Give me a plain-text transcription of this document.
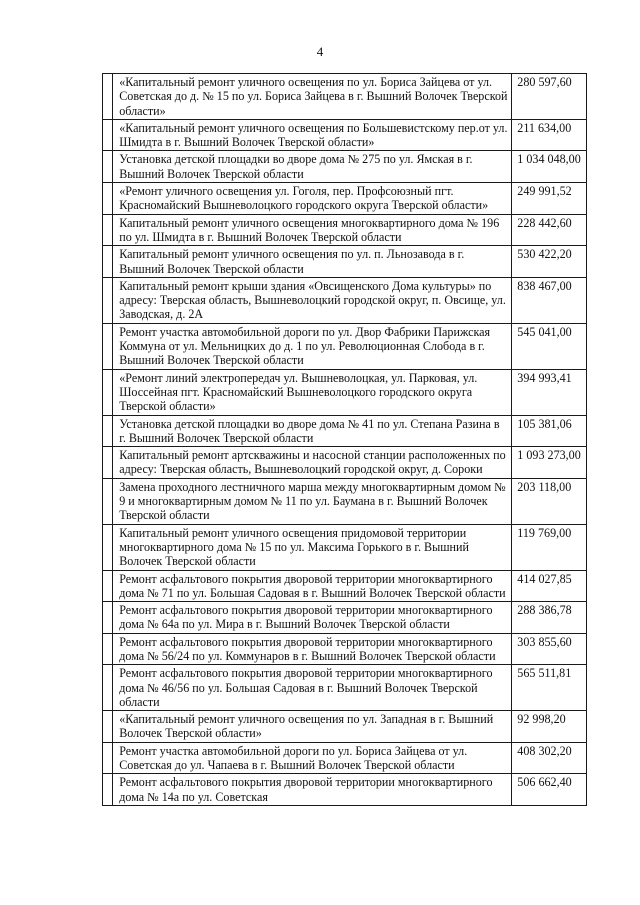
4
	«Капитальный ремонт уличного освещения по ул. Бориса Зайцева от ул. Советская до д. № 15 по ул. Бориса Зайцева в г. Вышний Волочек Тверской области»	280 597,60
	«Капитальный ремонт уличного освещения по Большевистскому пер.от ул. Шмидта в г. Вышний Волочек Тверской области»	211 634,00
	Установка детской площадки во дворе дома № 275 по ул. Ямская в г. Вышний Волочек Тверской области	1 034 048,00
	«Ремонт уличного освещения ул. Гоголя, пер. Профсоюзный пгт. Красномайский Вышневолоцкого городского округа Тверской области»	249 991,52
	Капитальный ремонт уличного освещения многоквартирного дома № 196 по ул. Шмидта в г. Вышний Волочек Тверской области	228 442,60
	Капитальный ремонт уличного освещения по ул. п. Льнозавода в г. Вышний Волочек Тверской области	530 422,20
	Капитальный ремонт крыши здания «Овсищенского Дома культуры» по адресу: Тверская область, Вышневолоцкий городской округ, п. Овсище, ул. Заводская, д. 2А	838 467,00
	Ремонт участка автомобильной дороги по ул. Двор Фабрики Парижская Коммуна от ул. Мельницких до д. 1 по ул. Революционная Слобода в г. Вышний Волочек Тверской области	545 041,00
	«Ремонт линий электропередач ул. Вышневолоцкая, ул. Парковая, ул. Шоссейная пгт. Красномайский Вышневолоцкого городского округа Тверской области»	394 993,41
	Установка детской площадки во дворе дома № 41 по ул. Степана Разина в г. Вышний Волочек Тверской области	105 381,06
	Капитальный ремонт артскважины и насосной станции расположенных по адресу: Тверская область, Вышневолоцкий городской округ, д. Сороки	1 093 273,00
	Замена проходного лестничного марша между многоквартирным домом № 9 и многоквартирным домом № 11 по ул. Баумана в г. Вышний Волочек Тверской области	203 118,00
	Капитальный ремонт уличного освещения придомовой территории многоквартирного дома № 15 по ул. Максима Горького в г. Вышний Волочек Тверской области	119 769,00
	Ремонт асфальтового покрытия дворовой территории многоквартирного дома № 71 по ул. Большая Садовая в г. Вышний Волочек Тверской области	414 027,85
	Ремонт асфальтового покрытия дворовой территории многоквартирного дома № 64а по ул. Мира в г. Вышний Волочек Тверской области	288 386,78
	Ремонт асфальтового покрытия дворовой территории многоквартирного дома № 56/24 по ул. Коммунаров в г. Вышний Волочек Тверской области	303 855,60
	Ремонт асфальтового покрытия дворовой территории многоквартирного дома № 46/56 по ул. Большая Садовая в г. Вышний Волочек Тверской области	565 511,81
	«Капитальный ремонт уличного освещения по ул. Западная в г. Вышний Волочек Тверской области»	92 998,20
	Ремонт участка автомобильной дороги по ул. Бориса Зайцева от ул. Советская до ул. Чапаева в г. Вышний Волочек Тверской области	408 302,20
	Ремонт асфальтового покрытия дворовой территории многоквартирного дома № 14а по ул. Советская	506 662,40
